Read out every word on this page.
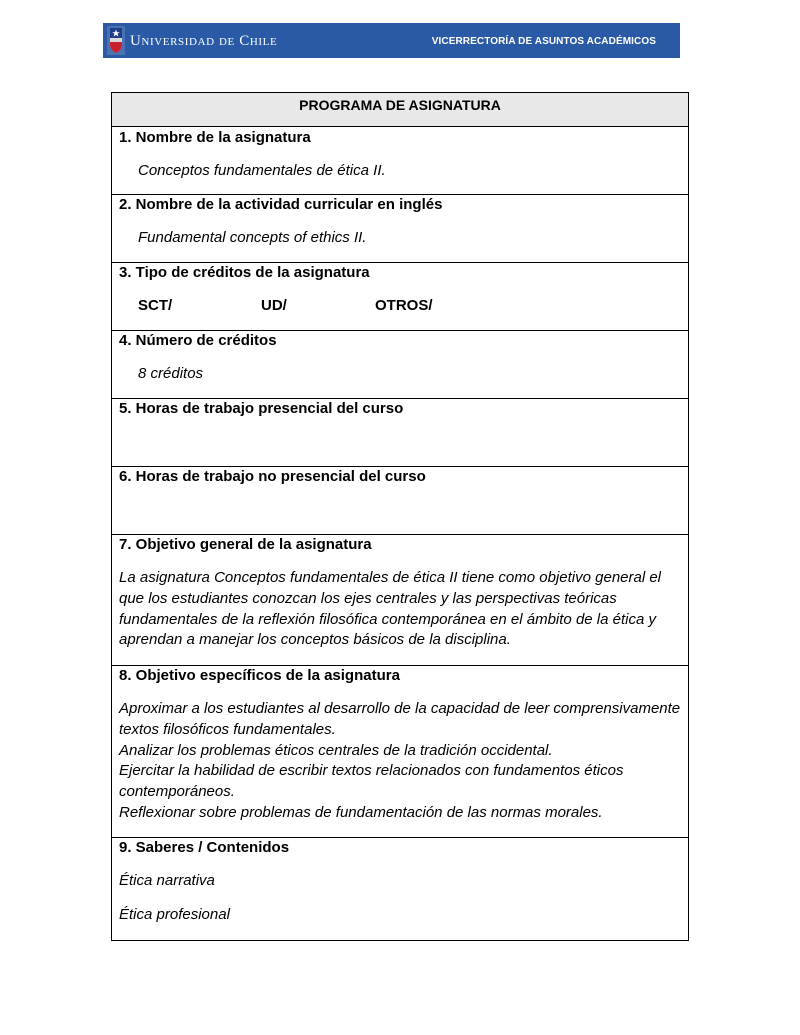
Universidad de Chile	VICERRECTORÍA DE ASUNTOS ACADÉMICOS
PROGRAMA DE ASIGNATURA
1. Nombre de la asignatura
Conceptos fundamentales de ética II.
2. Nombre de la actividad curricular en inglés
Fundamental concepts of ethics II.
3. Tipo de créditos de la asignatura
SCT/	UD/	OTROS/
4. Número de créditos
8 créditos
5. Horas de trabajo presencial del curso
6. Horas de trabajo no presencial del curso
7. Objetivo general de la asignatura
La asignatura Conceptos fundamentales de ética II tiene como objetivo general el que los estudiantes conozcan los ejes centrales y las perspectivas teóricas fundamentales de la reflexión filosófica contemporánea en el ámbito de la ética y aprendan a manejar los conceptos básicos de la disciplina.
8. Objetivo específicos de la asignatura
Aproximar a los estudiantes al desarrollo de la capacidad de leer comprensivamente textos filosóficos fundamentales.
Analizar los problemas éticos centrales de la tradición occidental.
Ejercitar la habilidad de escribir textos relacionados con fundamentos éticos contemporáneos.
Reflexionar sobre problemas de fundamentación de las normas morales.
9. Saberes / Contenidos
Ética narrativa
Ética profesional
